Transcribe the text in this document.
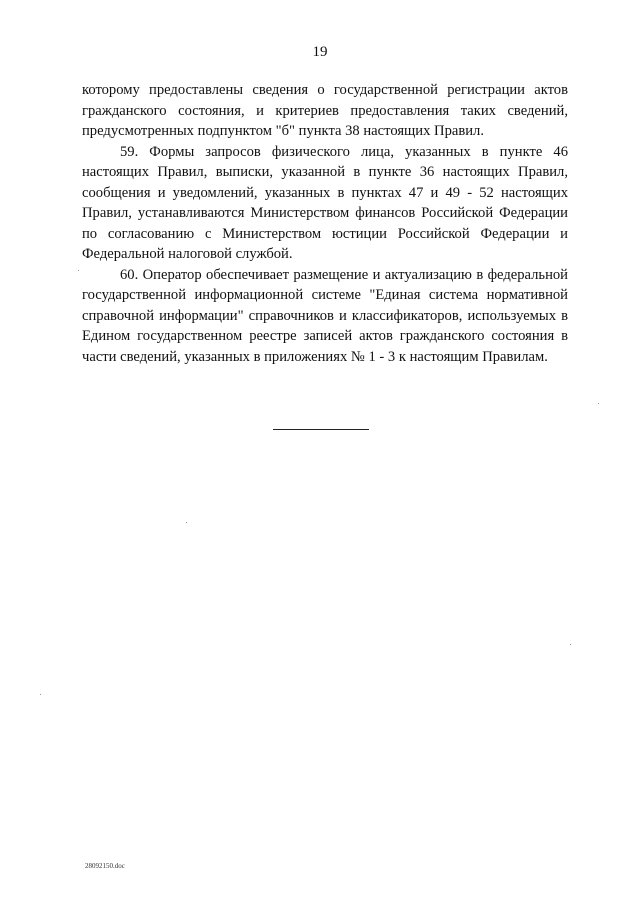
19

которому предоставлены сведения о государственной регистрации актов гражданского состояния, и критериев предоставления таких сведений, предусмотренных подпунктом "б" пункта 38 настоящих Правил.

59. Формы запросов физического лица, указанных в пункте 46 настоящих Правил, выписки, указанной в пункте 36 настоящих Правил, сообщения и уведомлений, указанных в пунктах 47 и 49 - 52 настоящих Правил, устанавливаются Министерством финансов Российской Федерации по согласованию с Министерством юстиции Российской Федерации и Федеральной налоговой службой.

60. Оператор обеспечивает размещение и актуализацию в федеральной государственной информационной системе "Единая система нормативной справочной информации" справочников и классификаторов, используемых в Едином государственном реестре записей актов гражданского состояния в части сведений, указанных в приложениях № 1 - 3 к настоящим Правилам.

28092150.doc
